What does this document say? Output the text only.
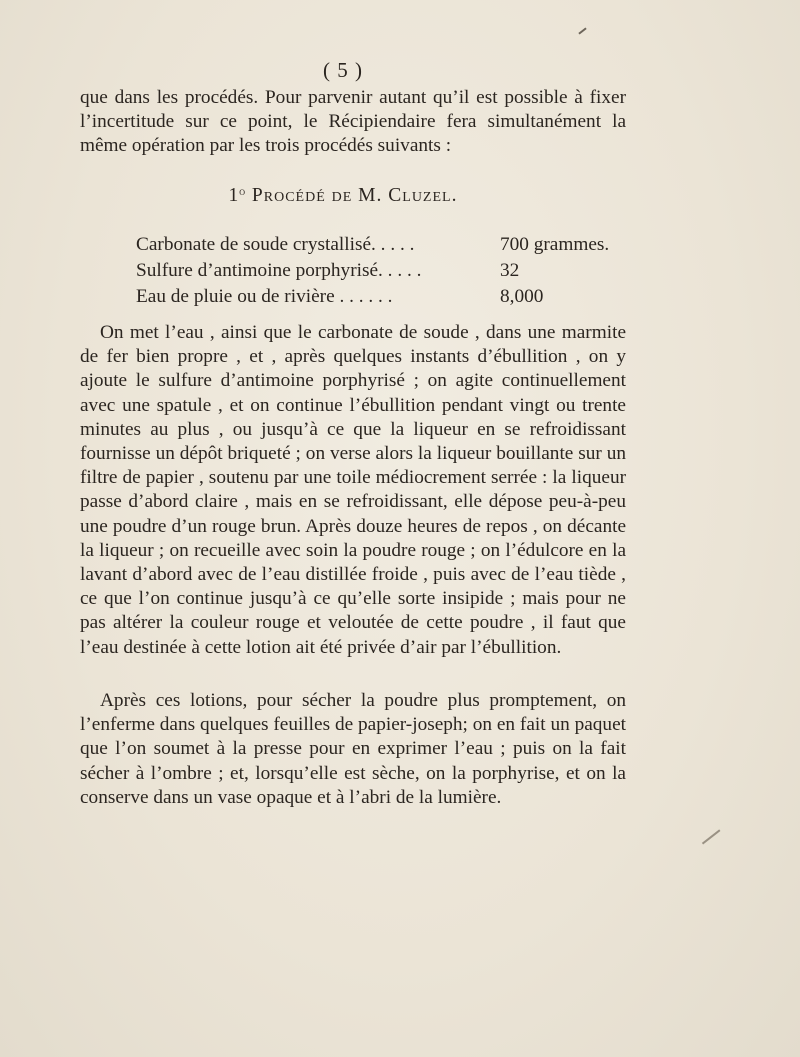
( 5 )

que dans les procédés. Pour parvenir autant qu’il est possible à fixer l’incertitude sur ce point, le Récipiendaire fera simultanément la même opération par les trois procédés suivants :

1$^o$ Procédé de M. Cluzel.
Carbonate de soude crystallisé. . . . .	700 grammes.
Sulfure d’antimoine porphyrisé. . . . .	32
Eau de pluie ou de rivière . . . . . .	8,000

On met l’eau , ainsi que le carbonate de soude , dans une marmite de fer bien propre , et , après quelques instants d’ébullition , on y ajoute le sulfure d’antimoine porphyrisé ; on agite continuellement avec une spatule , et on continue l’ébullition pendant vingt ou trente minutes au plus , ou jusqu’à ce que la liqueur en se refroidissant fournisse un dépôt briqueté ; on verse alors la liqueur bouillante sur un filtre de papier , soutenu par une toile médiocrement serrée : la liqueur passe d’abord claire , mais en se refroidissant, elle dépose peu-à-peu une poudre d’un rouge brun. Après douze heures de repos , on décante la liqueur ; on recueille avec soin la poudre rouge ; on l’édulcore en la lavant d’abord avec de l’eau distillée froide , puis avec de l’eau tiède , ce que l’on continue jusqu’à ce qu’elle sorte insipide ; mais pour ne pas altérer la couleur rouge et veloutée de cette poudre , il faut que l’eau destinée à cette lotion ait été privée d’air par l’ébullition.

Après ces lotions, pour sécher la poudre plus promptement, on l’enferme dans quelques feuilles de papier-joseph; on en fait un paquet que l’on soumet à la presse pour en exprimer l’eau ; puis on la fait sécher à l’ombre ; et, lorsqu’elle est sèche, on la porphyrise, et on la conserve dans un vase opaque et à l’abri de la lumière.
